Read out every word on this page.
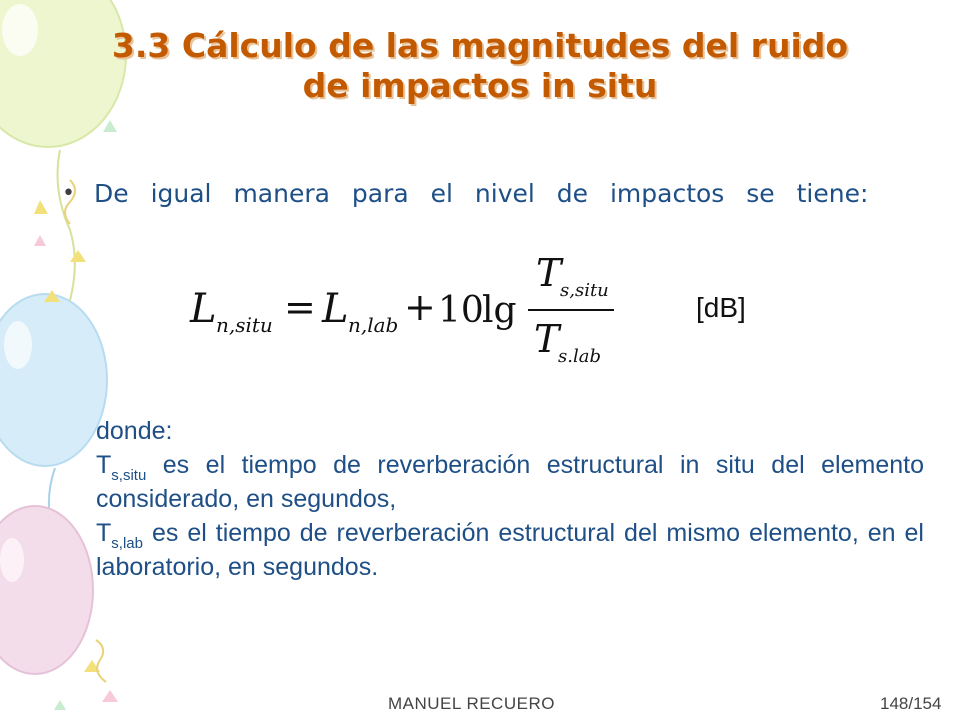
3.3 Cálculo de las magnitudes del ruido
de impactos in situ
• De igual manera para el nivel de impactos se tiene:
L n,situ = L n,lab + 10
lg
T
s,situ
T
s.lab
[dB]

donde:

$T_{s,situ}$ es el tiempo de reverberación estructural in situ del elemento considerado, en segundos,

$T_{s,lab}$ es el tiempo de reverberación estructural del mismo elemento, en el laboratorio, en segundos.

MANUEL RECUERO	148/154
